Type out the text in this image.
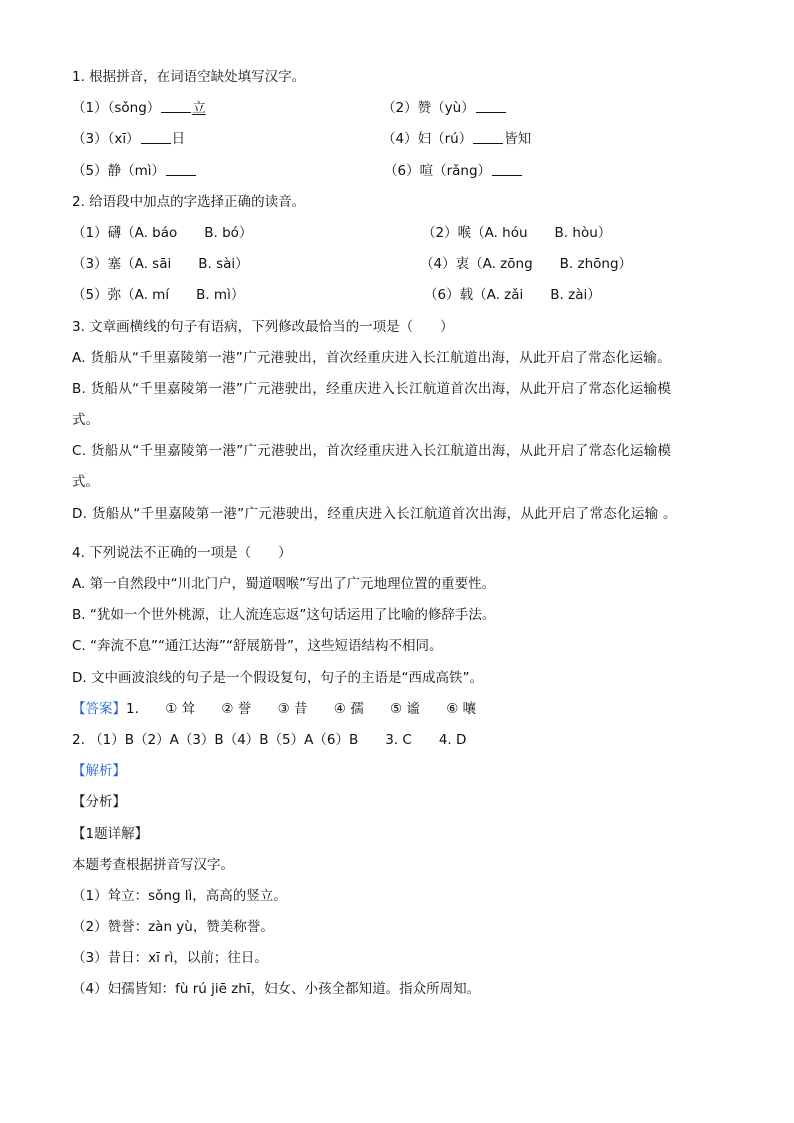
1. 根据拼音，在词语空缺处填写汉字。
（1）（sǒng） 立	（2）赞（yù）
（3）（xī） 日	（4）妇（rú） 皆知
（5）静（mì）	（6）喧（rǎng）
2. 给语段中加点的字选择正确的读音。
（1）礴（A. báo　　B. bó）	（2）喉（A. hóu　　B. hòu）
（3）塞（A. sāi　　B. sài）	（4）衷（A. zōng　　B. zhōng）
（5）弥（A. mí　　B. mì）	（6）载（A. zǎi　　B. zài）
3. 文章画横线的句子有语病，下列修改最恰当的一项是（　　）
A. 货船从“千里嘉陵第一港”广元港驶出，首次经重庆进入长江航道出海，从此开启了常态化运输。
B. 货船从“千里嘉陵第一港”广元港驶出，经重庆进入长江航道首次出海，从此开启了常态化运输模
式。
C. 货船从“千里嘉陵第一港”广元港驶出，首次经重庆进入长江航道出海，从此开启了常态化运输模
式。
D. 货船从“千里嘉陵第一港”广元港驶出，经重庆进入长江航道首次出海，从此开启了常态化运输 。
4. 下列说法不正确的一项是（　　）
A. 第一自然段中“川北门户，蜀道咽喉”写出了广元地理位置的重要性。
B. “犹如一个世外桃源，让人流连忘返”这句话运用了比喻的修辞手法。
C. “奔流不息”“通江达海”“舒展筋骨”，这些短语结构不相同。
D. 文中画波浪线的句子是一个假设复句，句子的主语是“西成高铁”。
【答案】1. ① 耸 ② 誉 ③ 昔 ④ 孺 ⑤ 谧 ⑥ 嚷
2. （1）B（2）A（3）B（4）B（5）A（6）B　　3. C　　4. D
【解析】
【分析】
【1题详解】
本题考查根据拼音写汉字。
（1）耸立：sǒng lì，高高的竖立。
（2）赞誉：zàn yù，赞美称誉。
（3）昔日：xī rì，以前；往日。
（4）妇孺皆知：fù rú jiē zhī，妇女、小孩全都知道。指众所周知。
